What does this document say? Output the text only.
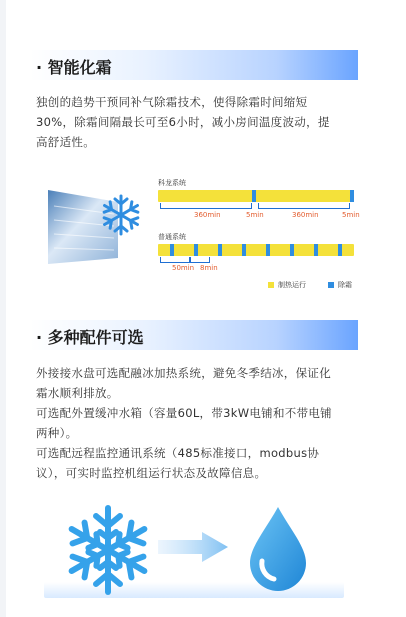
· 智能化霜
独创的趋势干预同补气除霜技术，使得除霜时间缩短
30%，除霜间隔最长可至6小时，减小房间温度波动，提
高舒适性。
科龙系统
360min	5min	360min	5min
普通系统
50min 8min
制热运行	除霜
· 多种配件可选
外接接水盘可选配融冰加热系统，避免冬季结冰，保证化
霜水顺利排放。
可选配外置缓冲水箱（容量60L，带3kW电铺和不带电铺
两种）。
可选配远程监控通讯系统（485标准接口，modbus协
议），可实时监控机组运行状态及故障信息。
